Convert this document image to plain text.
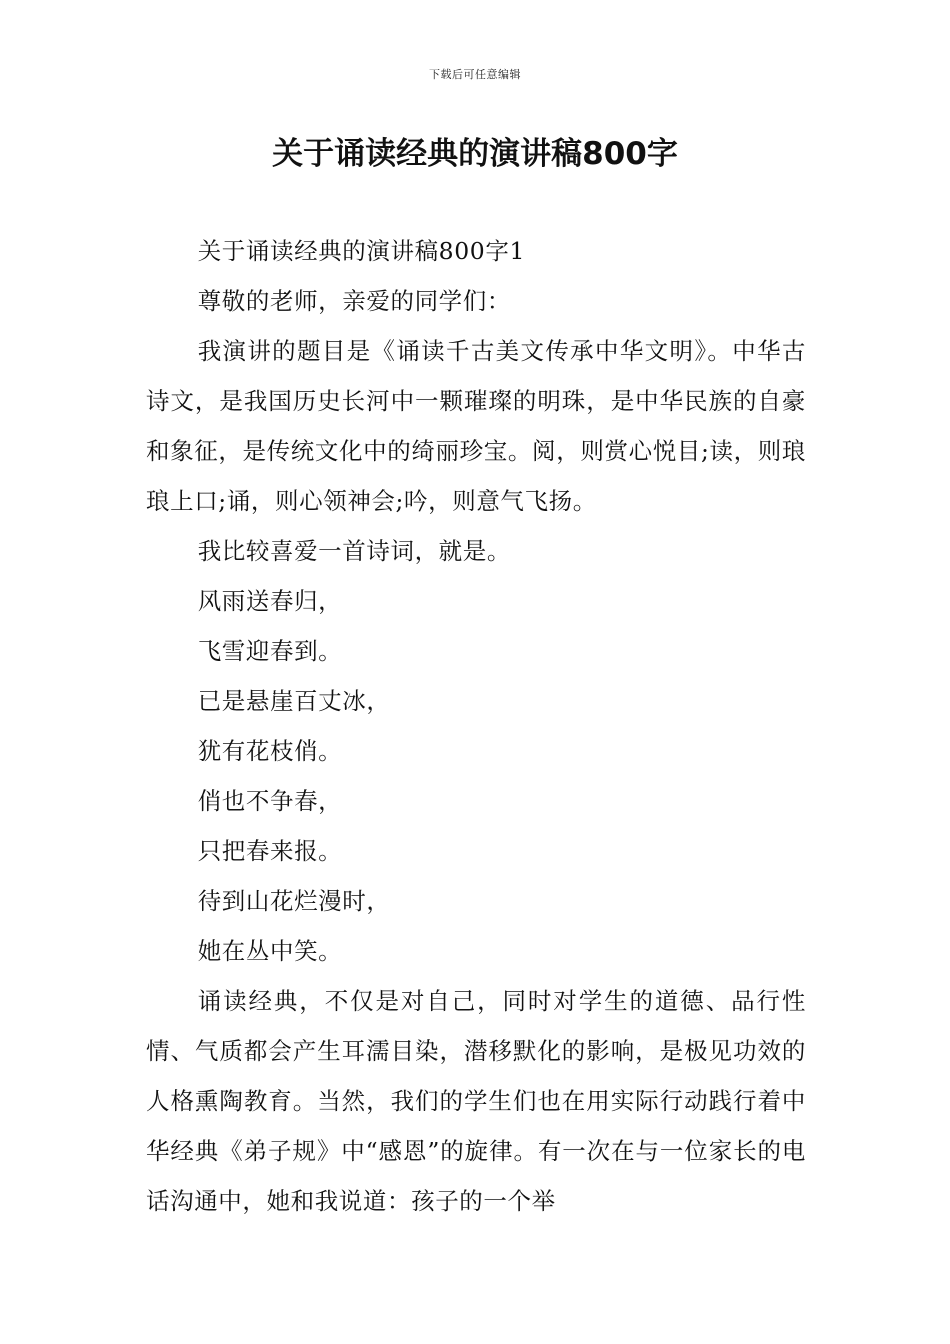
下载后可任意编辑
关于诵读经典的演讲稿800字

关于诵读经典的演讲稿800字1

尊敬的老师，亲爱的同学们：

我演讲的题目是《诵读千古美文传承中华文明》。中华古诗文，是我国历史长河中一颗璀璨的明珠，是中华民族的自豪和象征，是传统文化中的绮丽珍宝。阅，则赏心悦目;读，则琅琅上口;诵，则心领神会;吟，则意气飞扬。

我比较喜爱一首诗词，就是。

风雨送春归，

飞雪迎春到。

已是悬崖百丈冰，

犹有花枝俏。

俏也不争春，

只把春来报。

待到山花烂漫时，

她在丛中笑。

诵读经典，不仅是对自己，同时对学生的道德、品行性情、气质都会产生耳濡目染，潜移默化的影响，是极见功效的人格熏陶教育。当然，我们的学生们也在用实际行动践行着中华经典《弟子规》中“感恩”的旋律。有一次在与一位家长的电话沟通中，她和我说道：孩子的一个举
